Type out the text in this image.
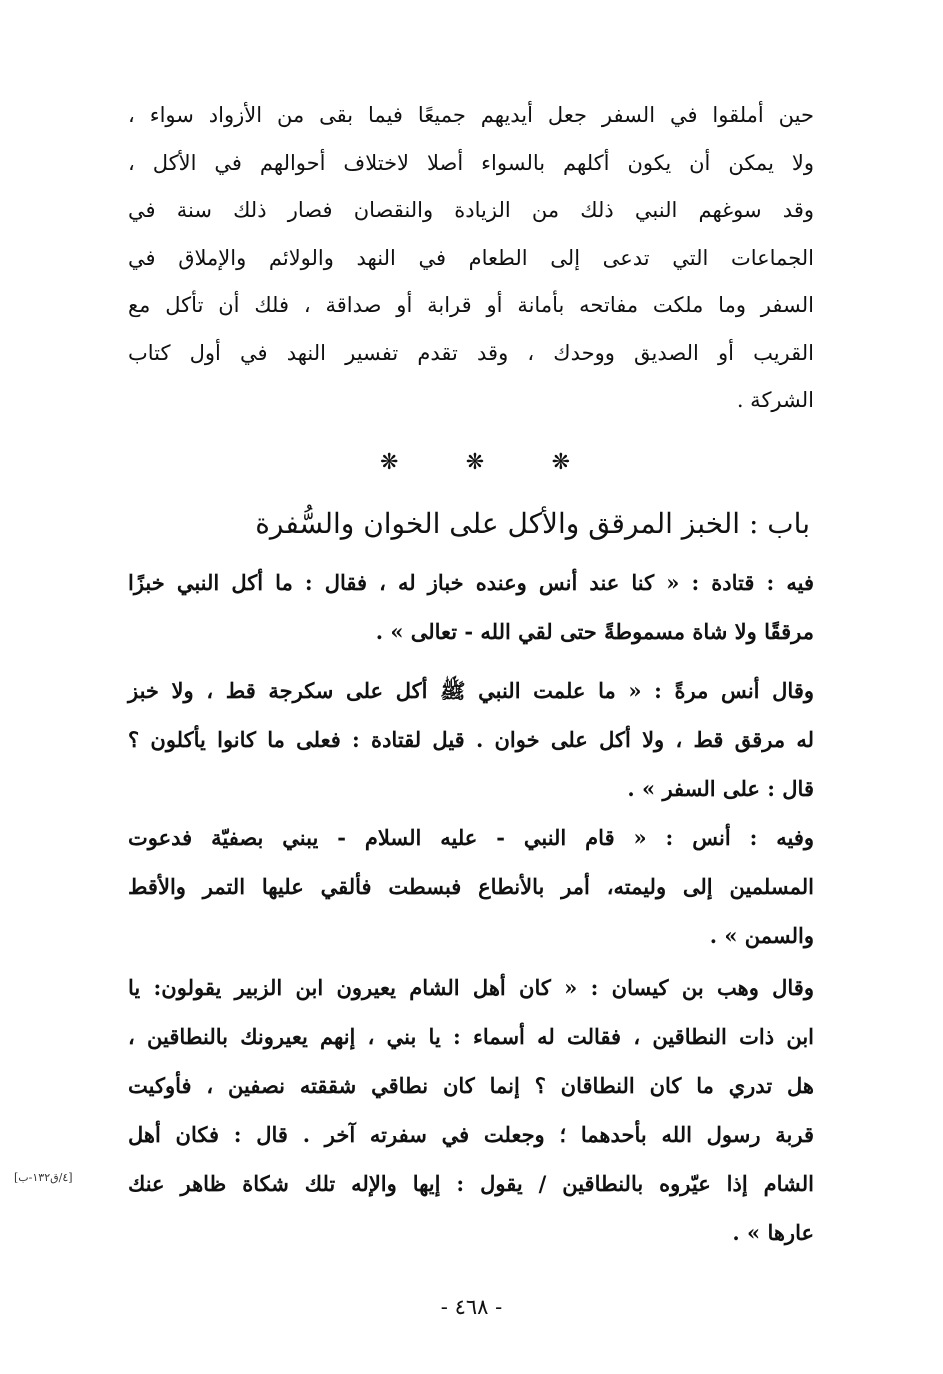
حين أملقوا في السفر جعل أيديهم جميعًا فيما بقى من الأزواد سواء ،
ولا يمكن أن يكون أكلهم بالسواء أصلا لاختلاف أحوالهم في الأكل ،
وقد سوغهم النبي ذلك من الزيادة والنقصان فصار ذلك سنة في
الجماعات التي تدعى إلى الطعام في النهد والولائم والإملاق في
السفر وما ملكت مفاتحه بأمانة أو قرابة أو صداقة ، فلك أن تأكل مع
القريب أو الصديق ووحدك ، وقد تقدم تفسير النهد في أول كتاب
الشركة .
❋	❋	❋
باب : الخبز المرقق والأكل على الخوان والسُّفرة
فيه : قتادة : « كنا عند أنس وعنده خباز له ، فقال : ما أكل النبي خبزًا
مرققًا ولا شاة مسموطةً حتى لقي الله - تعالى » .
وقال أنس مرةً : « ما علمت النبي ﷺ أكل على سكرجة قط ، ولا خبز
له مرقق قط ، ولا أكل على خوان . قيل لقتادة : فعلى ما كانوا يأكلون ؟
قال : على السفر » .
وفيه : أنس : « قام النبي - عليه السلام - يبني بصفيّة فدعوت
المسلمين إلى وليمته، أمر بالأنطاع فبسطت فألقي عليها التمر والأقط
والسمن » .
وقال وهب بن كيسان : « كان أهل الشام يعيرون ابن الزبير يقولون: يا
ابن ذات النطاقين ، فقالت له أسماء : يا بني ، إنهم يعيرونك بالنطاقين ،
هل تدري ما كان النطاقان ؟ إنما كان نطاقي شققته نصفين ، فأوكيت
قربة رسول الله بأحدهما ؛ وجعلت في سفرته آخر . قال : فكان أهل
الشام إذا عيّروه بالنطاقين / يقول : إيها والإله تلك شكاة ظاهر عنك
عارها » .
[٤/ق١٣٢-ب]
- ٤٦٨ -
